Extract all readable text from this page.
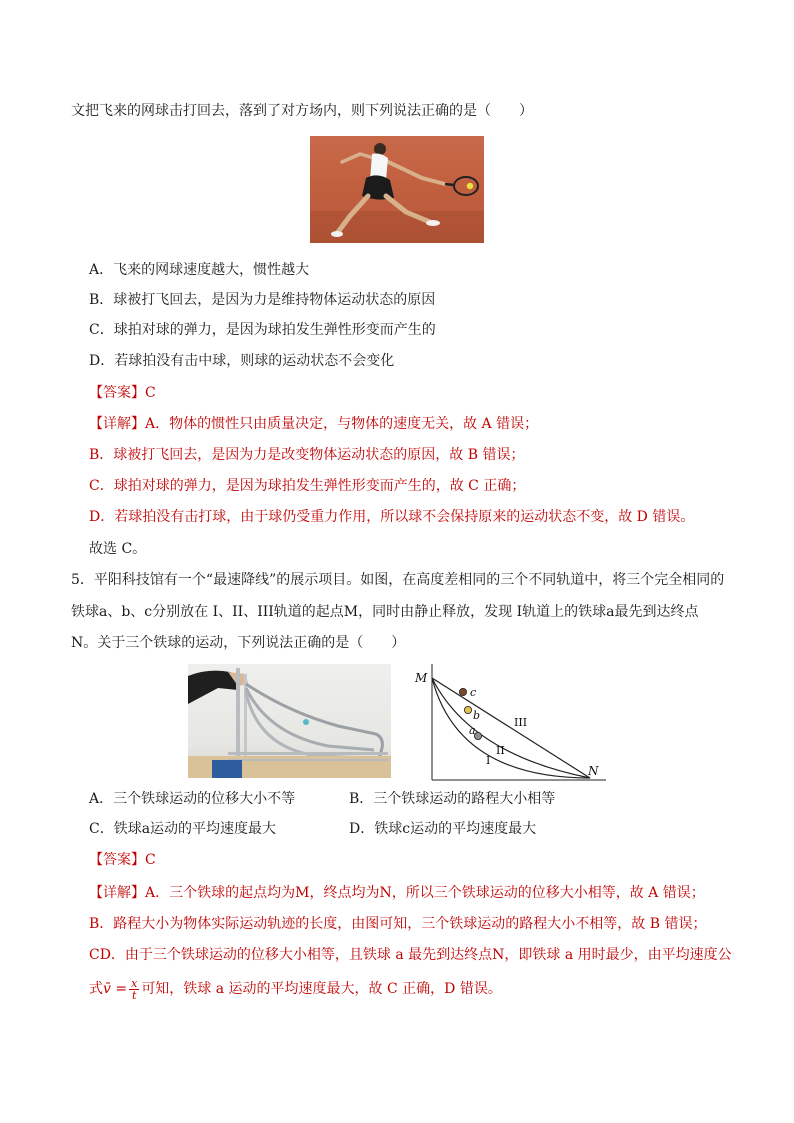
文把飞来的网球击打回去，落到了对方场内，则下列说法正确的是（　　）
A．飞来的网球速度越大，惯性越大
B．球被打飞回去，是因为力是维持物体运动状态的原因
C．球拍对球的弹力，是因为球拍发生弹性形变而产生的
D．若球拍没有击中球，则球的运动状态不会变化
【答案】C
【详解】A．物体的惯性只由质量决定，与物体的速度无关，故 A 错误；
B．球被打飞回去，是因为力是改变物体运动状态的原因，故 B 错误；
C．球拍对球的弹力，是因为球拍发生弹性形变而产生的，故 C 正确；
D．若球拍没有击打球，由于球仍受重力作用，所以球不会保持原来的运动状态不变，故 D 错误。
故选 C。
5．平阳科技馆有一个“最速降线”的展示项目。如图，在高度差相同的三个不同轨道中，将三个完全相同的
铁球a、b、c分别放在 I、II、III轨道的起点M，同时由静止释放，发现 I轨道上的铁球a最先到达终点
N。关于三个铁球的运动，下列说法正确的是（　　）
M
N
c
b
a
III
II
I
A．三个铁球运动的位移大小不等	B．三个铁球运动的路程大小相等
C．铁球a运动的平均速度最大	D．铁球c运动的平均速度最大
【答案】C
【详解】A．三个铁球的起点均为M，终点均为N，所以三个铁球运动的位移大小相等，故 A 错误；
B．路程大小为物体实际运动轨迹的长度，由图可知，三个铁球运动的路程大小不相等，故 B 错误；
CD．由于三个铁球运动的位移大小相等，且铁球 a 最先到达终点N，即铁球 a 用时最少，由平均速度公
式v̄ = $\frac{x}{t}$ 可知，铁球 a 运动的平均速度最大，故 C 正确，D 错误。
